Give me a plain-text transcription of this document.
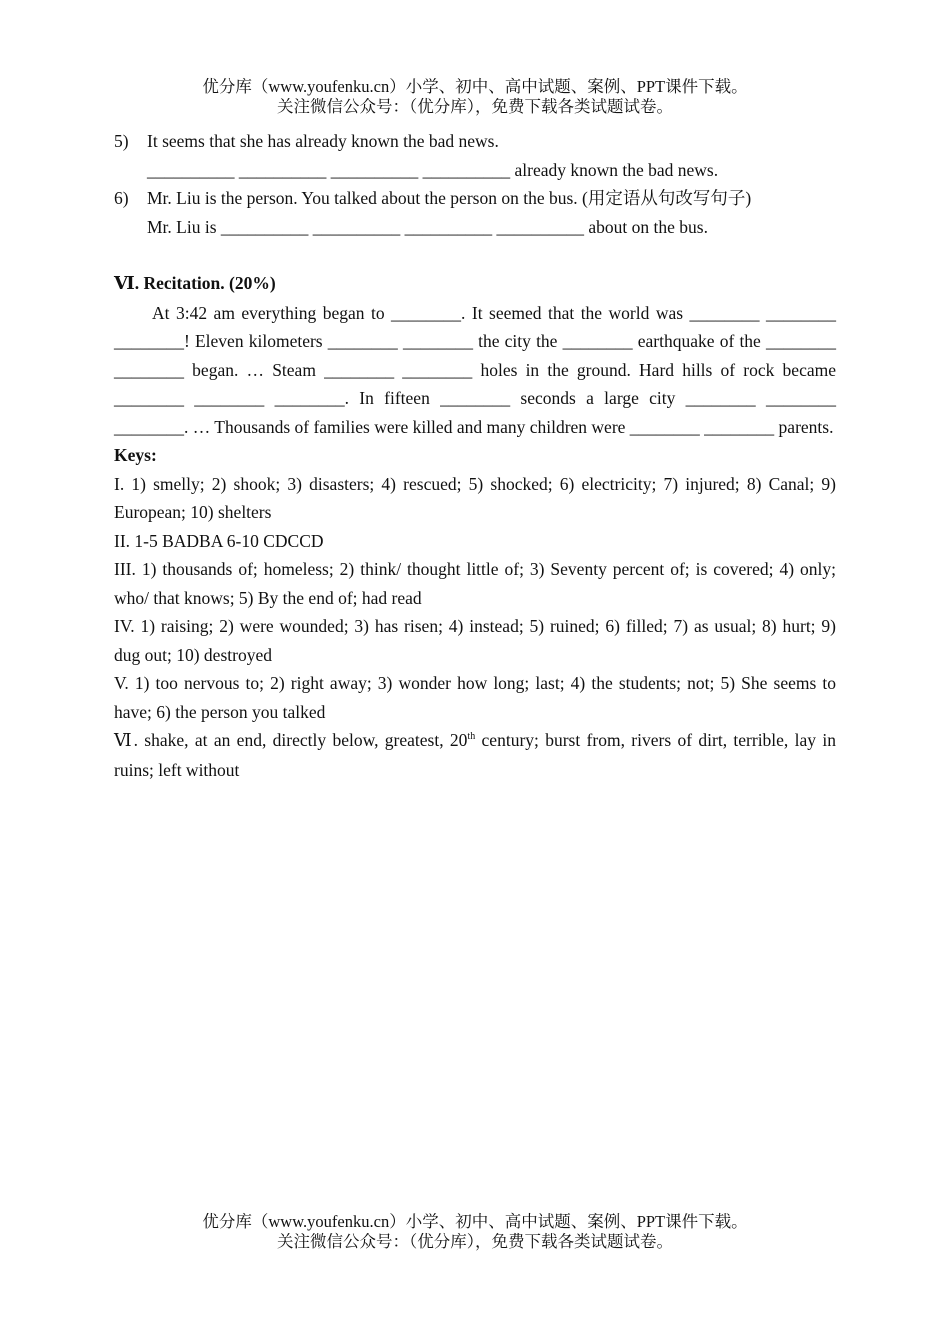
优分库（www.youfenku.cn）小学、初中、高中试题、案例、PPT课件下载。
关注微信公众号：（优分库），免费下载各类试题试卷。
5) It seems that she has already known the bad news.
__________ __________ __________ __________ already known the bad news.
6) Mr. Liu is the person. You talked about the person on the bus. (用定语从句改写句子)
Mr. Liu is __________ __________ __________ __________ about on the bus.
Ⅵ. Recitation. (20%)
At 3:42 am everything began to ________. It seemed that the world was ________ ________ ________! Eleven kilometers ________ ________ the city the ________ earthquake of the ________ ________ began. … Steam ________ ________ holes in the ground. Hard hills of rock became ________ ________ ________. In fifteen ________ seconds a large city ________ ________ ________. … Thousands of families were killed and many children were ________ ________ parents.
Keys:
I. 1) smelly; 2) shook; 3) disasters; 4) rescued; 5) shocked; 6) electricity; 7) injured; 8) Canal; 9) European; 10) shelters
II. 1-5 BADBA 6-10 CDCCD
III. 1) thousands of; homeless; 2) think/ thought little of; 3) Seventy percent of; is covered; 4) only; who/ that knows; 5) By the end of; had read
IV. 1) raising; 2) were wounded; 3) has risen; 4) instead; 5) ruined; 6) filled; 7) as usual; 8) hurt; 9) dug out; 10) destroyed
V. 1) too nervous to; 2) right away; 3) wonder how long; last; 4) the students; not; 5) She seems to have; 6) the person you talked
Ⅵ. shake, at an end, directly below, greatest, 20th century; burst from, rivers of dirt, terrible, lay in ruins; left without
优分库（www.youfenku.cn）小学、初中、高中试题、案例、PPT课件下载。
关注微信公众号：（优分库），免费下载各类试题试卷。
